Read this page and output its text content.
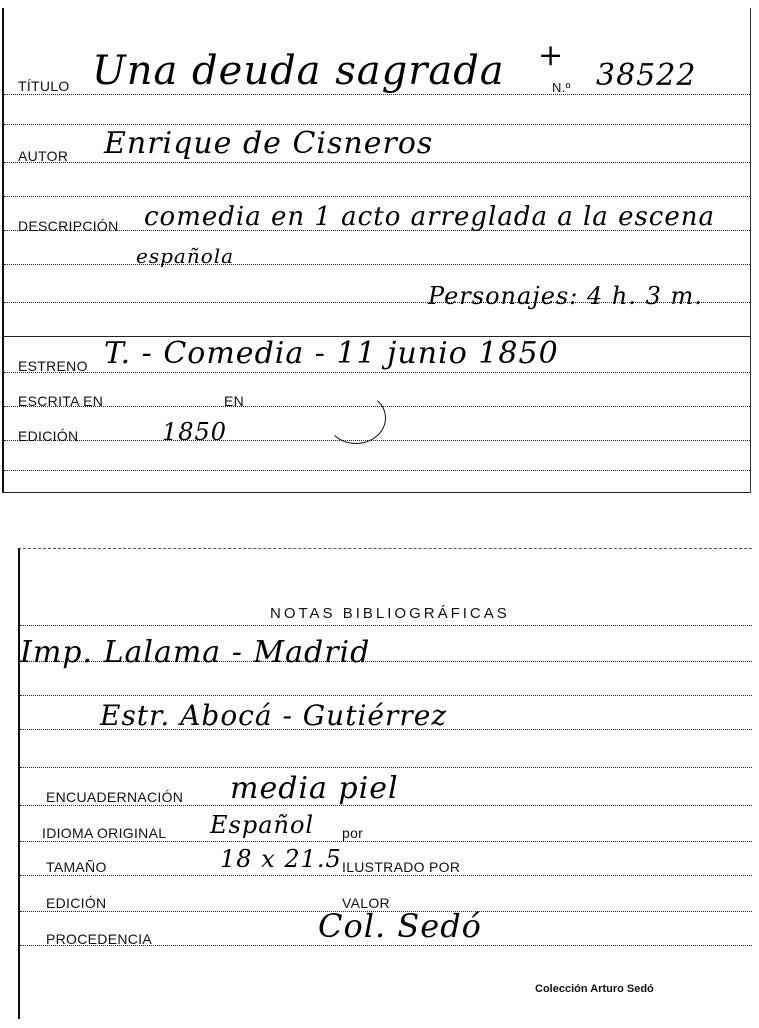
TÍTULO Una deuda sagrada +
N.º 38522
AUTOR Enrique de Cisneros
DESCRIPCIÓN comedia en 1 acto arreglada a la escena
española
Personajes: 4 h. 3 m.
ESTRENO T. - Comedia - 11 junio 1850
ESCRITA EN	EN
EDICIÓN	1850
NOTAS BIBLIOGRÁFICAS
Imp. Lalama - Madrid
Estr. Abocá - Gutiérrez
ENCUADERNACIÓN media piel
IDIOMA ORIGINAL Español por
TAMAÑO	18 x 21.5 ILUSTRADO POR
EDICIÓN	VALOR
PROCEDENCIA	Col. Sedó
Colección Arturo Sedó
